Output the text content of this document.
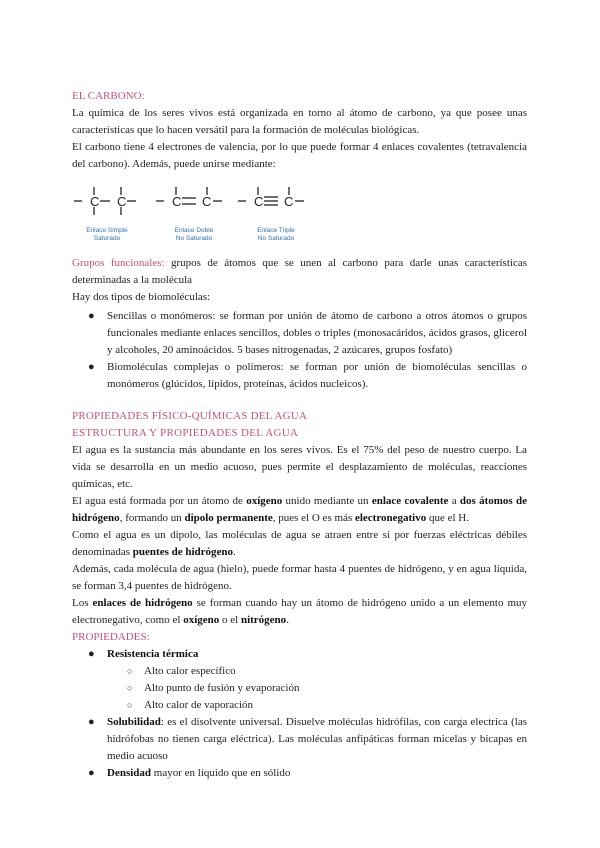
EL CARBONO:

La química de los seres vivos está organizada en torno al átomo de carbono, ya que posee unas características que lo hacen versátil para la formación de moléculas biológicas.

El carbono tiene 4 electrones de valencia, por lo que puede formar 4 enlaces covalentes (tetravalencia del carbono). Además, puede unirse mediante:

C C
Enlace Simple
Saturado
C C
Enlace Doble
No Saturado
C C
Enlace Triple
No Saturado

Grupos funcionales: grupos de átomos que se unen al carbono para darle unas características determinadas a la molécula

Hay dos tipos de biomoléculas:

● Sencillas o monómeros: se forman por unión de átomo de carbono a otros átomos o grupos funcionales mediante enlaces sencillos, dobles o triples (monosacáridos, ácidos grasos, glicerol y alcoholes, 20 aminoácidos. 5 bases nitrogenadas, 2 azúcares, grupos fosfato)

● Biomoléculas complejas o polímeros: se forman por unión de biomoléculas sencillas o monómeros (glúcidos, lípidos, proteínas, ácidos nucleicos).

PROPIEDADES FÍSICO-QUÍMICAS DEL AGUA

ESTRUCTURA Y PROPIEDADES DEL AGUA

El agua es la sustancia más abundante en los seres vivos. Es el 75% del peso de nuestro cuerpo. La vida se desarrolla en un medio acuoso, pues permite el desplazamiento de moléculas, reacciones químicas, etc.

El agua está formada por un átomo de oxígeno unido mediante un enlace covalente a dos átomos de hidrógeno, formando un dipolo permanente, pues el O es más electronegativo que el H.

Como el agua es un dipolo, las moléculas de agua se atraen entre sí por fuerzas eléctricas débiles denominadas puentes de hidrógeno.

Además, cada molécula de agua (hielo), puede formar hasta 4 puentes de hidrógeno, y en agua líquida, se forman 3,4 puentes de hidrógeno.

Los enlaces de hidrógeno se forman cuando hay un átomo de hidrógeno unido a un elemento muy electronegativo, como el oxígeno o el nitrógeno.

PROPIEDADES:

● Resistencia térmica

○ Alto calor específico
○ Alto punto de fusión y evaporación
○ Alto calor de vaporación
● Solubilidad: es el disolvente universal. Disuelve moléculas hidrófilas, con carga electrica (las hidrófobas no tienen carga eléctrica). Las moléculas anfipáticas forman micelas y bicapas en medio acuoso

● Densidad mayor en líquido que en sólido
